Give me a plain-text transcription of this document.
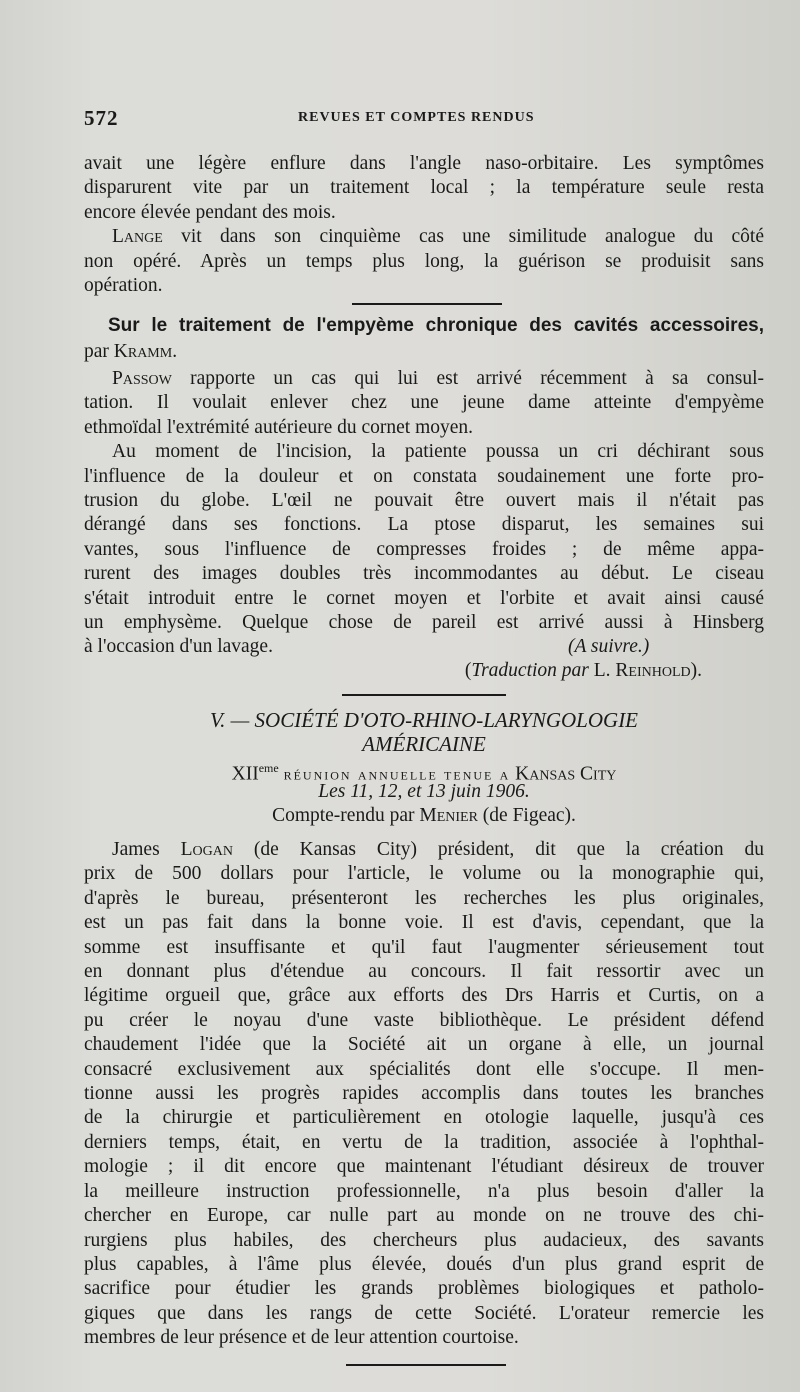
572	REVUES ET COMPTES RENDUS

avait une légère enflure dans l'angle naso-orbitaire. Les symptômes

disparurent vite par un traitement local ; la température seule resta

encore élevée pendant des mois.

Lange vit dans son cinquième cas une similitude analogue du côté

non opéré. Après un temps plus long, la guérison se produisit sans

opération.

Sur le traitement de l'empyème chronique des cavités accessoires,
par Kramm.

Passow rapporte un cas qui lui est arrivé récemment à sa consul-

tation. Il voulait enlever chez une jeune dame atteinte d'empyème

ethmoïdal l'extrémité autérieure du cornet moyen.

Au moment de l'incision, la patiente poussa un cri déchirant sous

l'influence de la douleur et on constata soudainement une forte pro-

trusion du globe. L'œil ne pouvait être ouvert mais il n'était pas

dérangé dans ses fonctions. La ptose disparut, les semaines sui

vantes, sous l'influence de compresses froides ; de même appa-

rurent des images doubles très incommodantes au début. Le ciseau

s'était introduit entre le cornet moyen et l'orbite et avait ainsi causé

un emphysème. Quelque chose de pareil est arrivé aussi à Hinsberg

à l'occasion d'un lavage.	(A suivre.)

(Traduction par L. Reinhold).
V. — SOCIÉTÉ D'OTO-RHINO-LARYNGOLOGIE
AMÉRICAINE
XIIeme réunion annuelle tenue a Kansas City
Les 11, 12, et 13 juin 1906.
Compte-rendu par Menier (de Figeac).

James Logan (de Kansas City) président, dit que la création du

prix de 500 dollars pour l'article, le volume ou la monographie qui,

d'après le bureau, présenteront les recherches les plus originales,

est un pas fait dans la bonne voie. Il est d'avis, cependant, que la

somme est insuffisante et qu'il faut l'augmenter sérieusement tout

en donnant plus d'étendue au concours. Il fait ressortir avec un

légitime orgueil que, grâce aux efforts des Drs Harris et Curtis, on a

pu créer le noyau d'une vaste bibliothèque. Le président défend

chaudement l'idée que la Société ait un organe à elle, un journal

consacré exclusivement aux spécialités dont elle s'occupe. Il men-

tionne aussi les progrès rapides accomplis dans toutes les branches

de la chirurgie et particulièrement en otologie laquelle, jusqu'à ces

derniers temps, était, en vertu de la tradition, associée à l'ophthal-

mologie ; il dit encore que maintenant l'étudiant désireux de trouver

la meilleure instruction professionnelle, n'a plus besoin d'aller la

chercher en Europe, car nulle part au monde on ne trouve des chi-

rurgiens plus habiles, des chercheurs plus audacieux, des savants

plus capables, à l'âme plus élevée, doués d'un plus grand esprit de

sacrifice pour étudier les grands problèmes biologiques et patholo-

giques que dans les rangs de cette Société. L'orateur remercie les

membres de leur présence et de leur attention courtoise.
